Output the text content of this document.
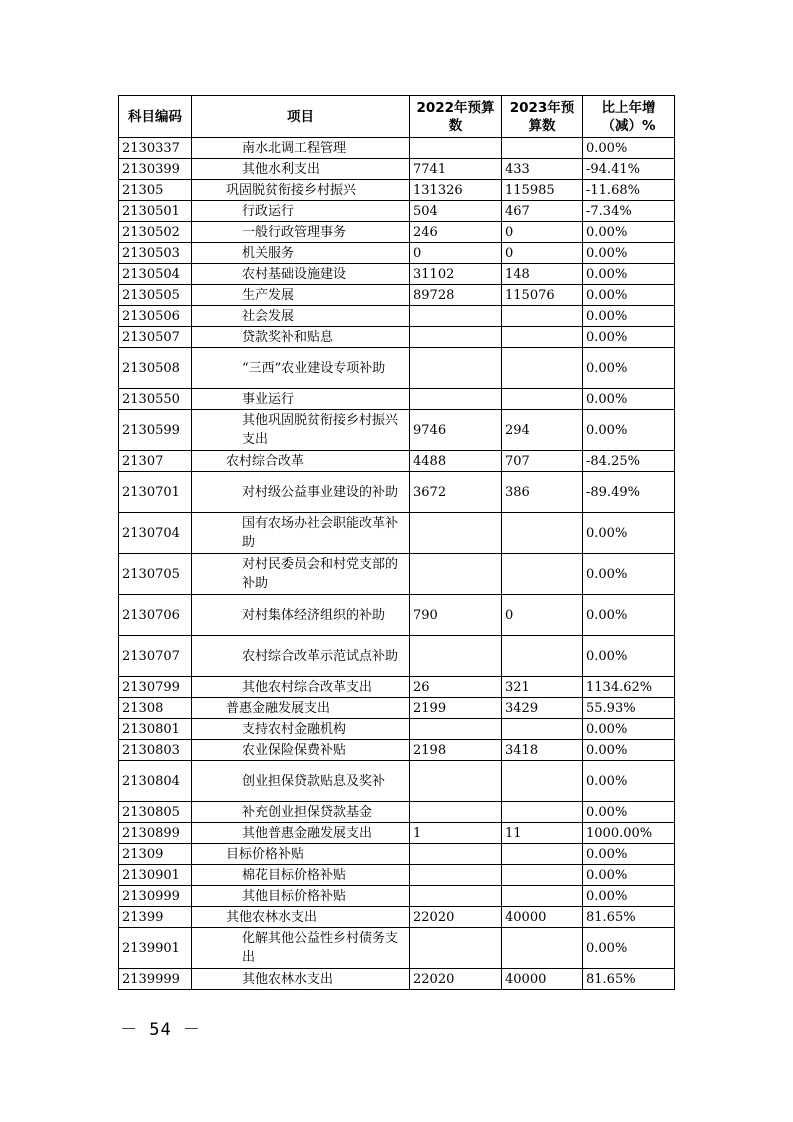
科目编码	项目	2022年预算数	2023年预算数	比上年增（减）%
2130337	南水北调工程管理			0.00%
2130399	其他水利支出	7741	433	-94.41%
21305	巩固脱贫衔接乡村振兴	131326	115985	-11.68%
2130501	行政运行	504	467	-7.34%
2130502	一般行政管理事务	246	0	0.00%
2130503	机关服务	0	0	0.00%
2130504	农村基础设施建设	31102	148	0.00%
2130505	生产发展	89728	115076	0.00%
2130506	社会发展			0.00%
2130507	贷款奖补和贴息			0.00%
2130508	“三西”农业建设专项补助			0.00%
2130550	事业运行			0.00%
2130599	其他巩固脱贫衔接乡村振兴支出	9746	294	0.00%
21307	农村综合改革	4488	707	-84.25%
2130701	对村级公益事业建设的补助	3672	386	-89.49%
2130704	国有农场办社会职能改革补助			0.00%
2130705	对村民委员会和村党支部的补助			0.00%
2130706	对村集体经济组织的补助	790	0	0.00%
2130707	农村综合改革示范试点补助			0.00%
2130799	其他农村综合改革支出	26	321	1134.62%
21308	普惠金融发展支出	2199	3429	55.93%
2130801	支持农村金融机构			0.00%
2130803	农业保险保费补贴	2198	3418	0.00%
2130804	创业担保贷款贴息及奖补			0.00%
2130805	补充创业担保贷款基金			0.00%
2130899	其他普惠金融发展支出	1	11	1000.00%
21309	目标价格补贴			0.00%
2130901	棉花目标价格补贴			0.00%
2130999	其他目标价格补贴			0.00%
21399	其他农林水支出	22020	40000	81.65%
2139901	化解其他公益性乡村债务支出			0.00%
2139999	其他农林水支出	22020	40000	81.65%
－ 54 －
